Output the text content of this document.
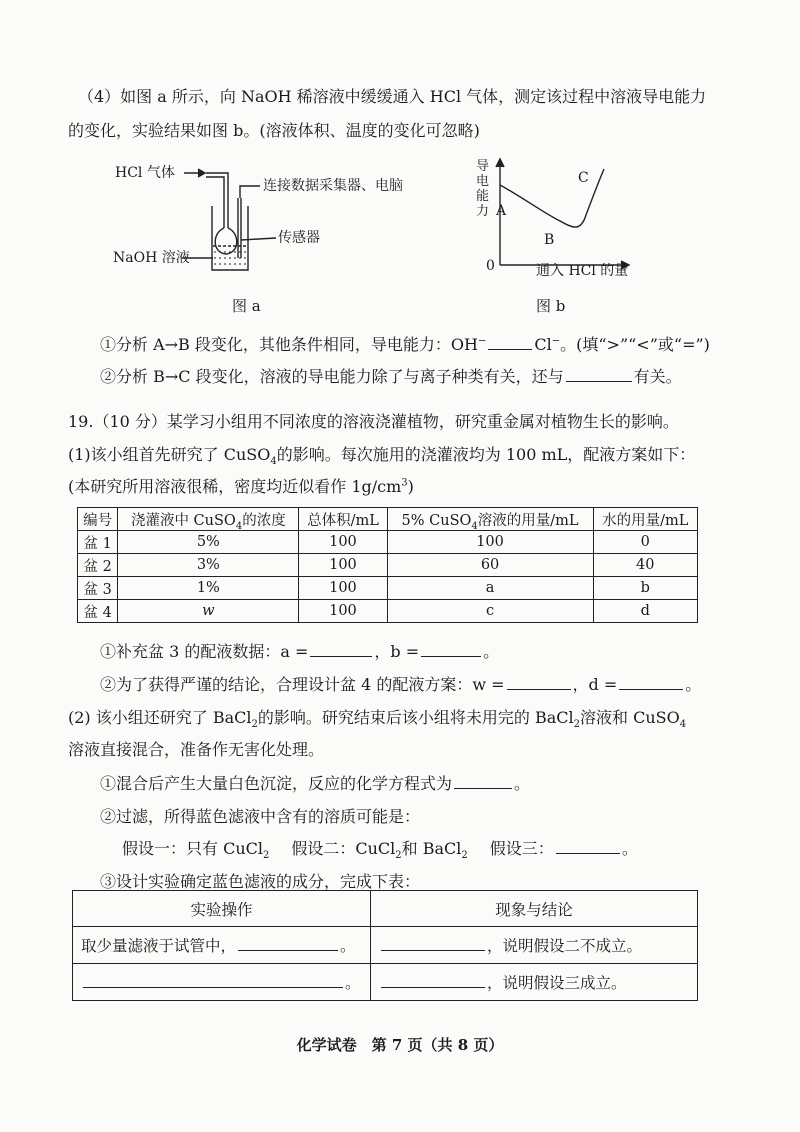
（4）如图 a 所示，向 NaOH 稀溶液中缓缓通入 HCl 气体，测定该过程中溶液导电能力
的变化，实验结果如图 b。(溶液体积、温度的变化可忽略)
HCl 气体
连接数据采集器、电脑
NaOH 溶液
传感器
图 a
导电能力
0
A
B
C
通入 HCl 的量
图 b
①分析 A→B 段变化，其他条件相同，导电能力：OH−	Cl−。(填“>”“<”或“=”)
②分析 B→C 段变化，溶液的导电能力除了与离子种类有关，还与	有关。
19.（10 分）某学习小组用不同浓度的溶液浇灌植物，研究重金属对植物生长的影响。
(1)该小组首先研究了 CuSO$_4$的影响。每次施用的浇灌液均为 100 mL，配液方案如下：
(本研究所用溶液很稀，密度均近似看作 $1g/cm^3$)
编号	浇灌液中 CuSO$_4$的浓度	总体积/mL	5% CuSO$_4$溶液的用量/mL	水的用量/mL
盆 1	5%	100	100	0
盆 2	3%	100	60	40
盆 3	1%	100	a	b
盆 4	w	100	c	d
①补充盆 3 的配液数据：a =	，b =	。
②为了获得严谨的结论，合理设计盆 4 的配液方案：w =	，d =	。
(2) 该小组还研究了 BaCl$_2$的影响。研究结束后该小组将未用完的 BaCl$_2$溶液和 CuSO$_4$
溶液直接混合，准备作无害化处理。
①混合后产生大量白色沉淀，反应的化学方程式为	。
②过滤，所得蓝色滤液中含有的溶质可能是：
假设一：只有 CuCl$_2$ 假设二：CuCl$_2$和 BaCl$_2$ 假设三：	。
③设计实验确定蓝色滤液的成分，完成下表：
实验操作	现象与结论
取少量滤液于试管中， 。	，说明假设二不成立。
。	，说明假设三成立。
化学试卷　第 7 页（共 8 页）
